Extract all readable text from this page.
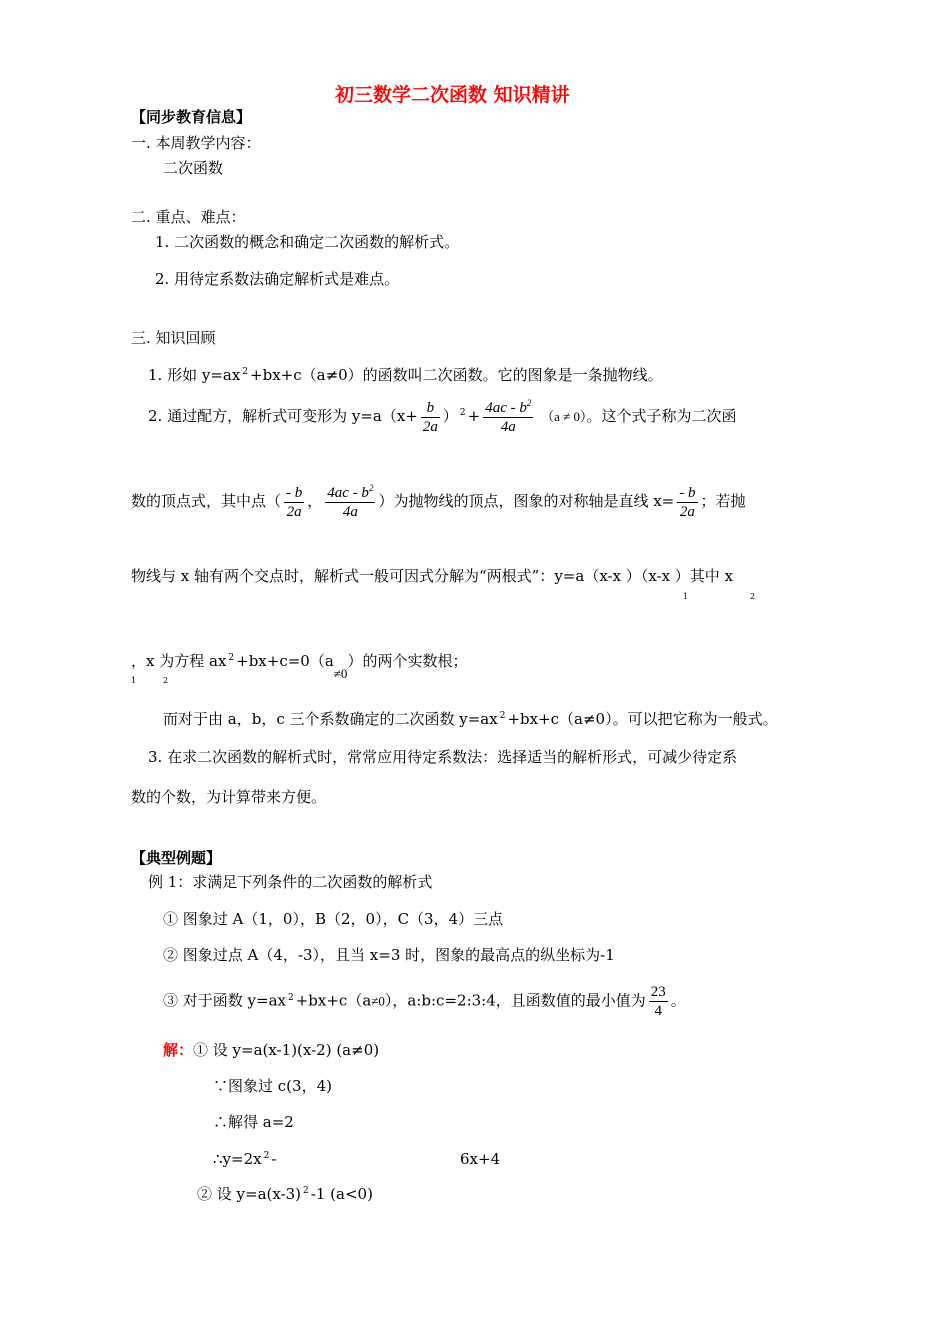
初三数学二次函数 知识精讲
【同步教育信息】
一. 本周教学内容：
二次函数
二. 重点、难点：
1. 二次函数的概念和确定二次函数的解析式。
2. 用待定系数法确定解析式是难点。
三. 知识回顾
1. 形如 y=ax $^2$ +bx+c（a≠0）的函数叫二次函数。它的图象是一条抛物线。
2. 通过配方，解析式可变形为 $y=a(x+ \frac{b}{2a}$ ） $^2 + \frac{4ac - b^2}{4a} (a \ne 0)$。这个式子称为二次函
数的顶点式，其中点（ $\frac{- b}{2a}$ ， $\frac{4ac - b^2}{4a}$ ）为抛物线的顶点，图象的对称轴是直线 $x= \frac{- b}{2a}$ ；若抛
物线与 x 轴有两个交点时，解析式一般可因式分解为“两根式”：y=a（x-x ）（x-x ）其中 x
1	2
，x 为方程 ax $^2$ +bx+c=0（a≠0）的两个实数根；
1	2
而对于由 a，b，c 三个系数确定的二次函数 y=ax $^2$ +bx+c（a≠0）。可以把它称为一般式。
3. 在求二次函数的解析式时，常常应用待定系数法：选择适当的解析形式，可减少待定系
数的个数，为计算带来方便。
【典型例题】
例 1：求满足下列条件的二次函数的解析式
① 图象过 A（1，0），B（2，0），C（3，4）三点
② 图象过点 A（4，-3），且当 x=3 时，图象的最高点的纵坐标为-1
③ 对于函数 y=ax $^2$ +bx+c（a≠0），a:b:c=2:3:4，且函数值的最小值为 $\frac{23}{4}$ 。
解：① 设 y=a(x-1)(x-2) (a≠0)
∵图象过 c(3，4)
∴解得 a=2
∴y=2x $^2$ -	6x+4
② 设 y=a(x-3) $^2$ -1 (a<0)
